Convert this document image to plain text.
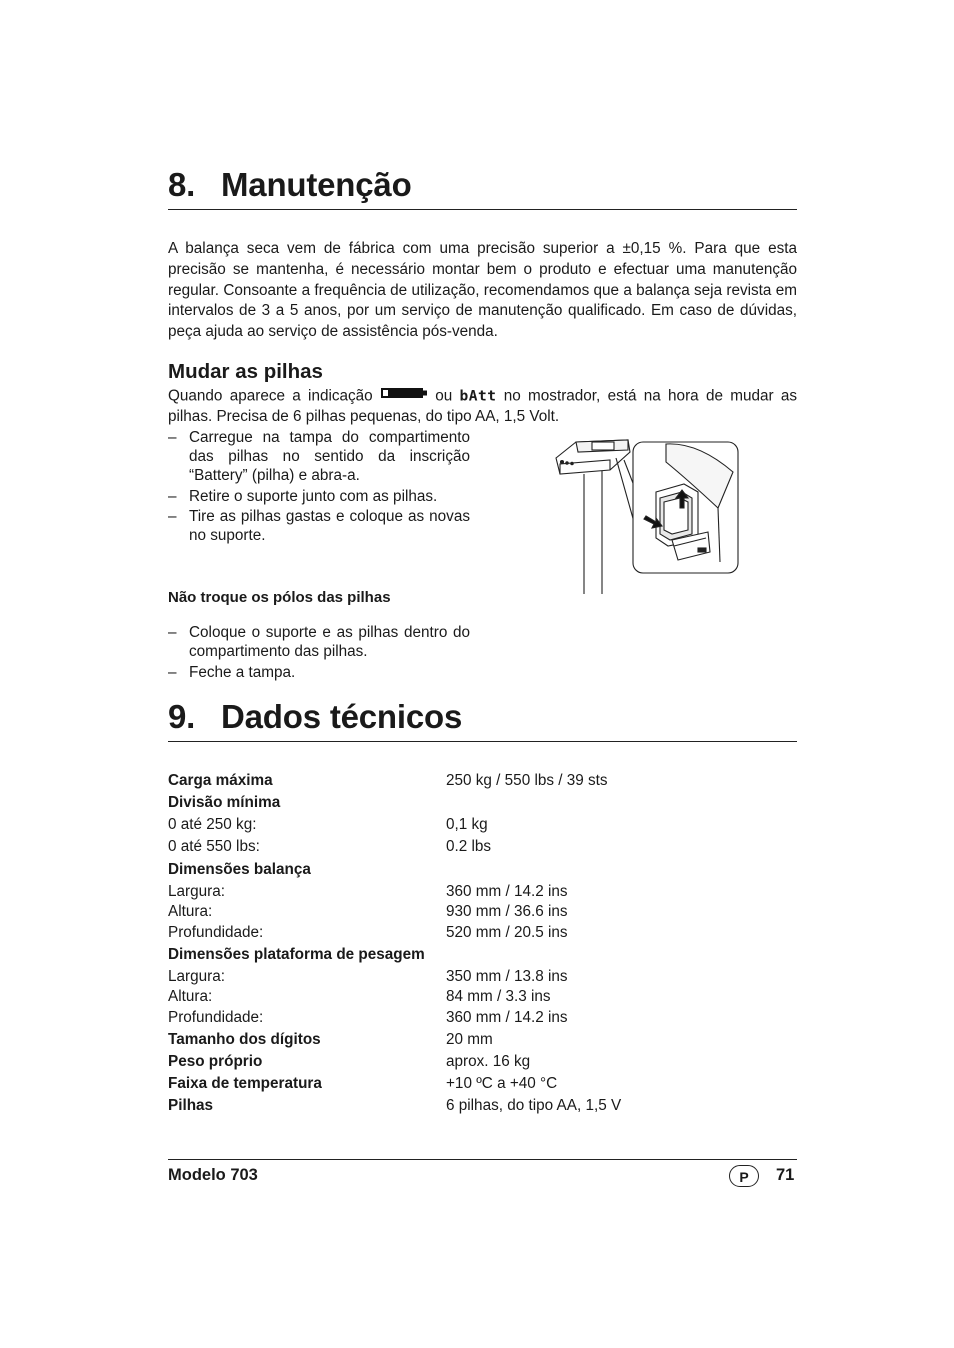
8. Manutenção
A balança seca vem de fábrica com uma precisão superior a ±0,15 %. Para que esta precisão se mantenha, é necessário montar bem o produto e efectuar uma manutenção regular. Consoante a frequência de utilização, recomendamos que a balança seja revista em intervalos de 3 a 5 anos, por um serviço de manutenção qualificado. Em caso de dúvidas, peça ajuda ao serviço de assistência pós-venda.
Mudar as pilhas
Quando aparece a indicação	ou bAtt no mostrador, está na hora de mudar as pilhas. Precisa de 6 pilhas pequenas, do tipo AA, 1,5 Volt.
– Carregue na tampa do compartimento das pilhas no sentido da inscrição “Battery” (pilha) e abra-a.
– Retire o suporte junto com as pilhas.
– Tire as pilhas gastas e coloque as novas no suporte.
Não troque os pólos das pilhas
– Coloque o suporte e as pilhas dentro do compartimento das pilhas.
– Feche a tampa.
9. Dados técnicos
Carga máxima	250 kg / 550 lbs / 39 sts
Divisão mínima
0 até 250 kg:	0,1 kg
0 até 550 lbs:	0.2 lbs
Dimensões balança
Largura:	360 mm / 14.2 ins
Altura:	930 mm / 36.6 ins
Profundidade:	520 mm / 20.5 ins
Dimensões plataforma de pesagem
Largura:	350 mm / 13.8 ins
Altura:	84 mm / 3.3 ins
Profundidade:	360 mm / 14.2 ins
Tamanho dos dígitos	20 mm
Peso próprio	aprox. 16 kg
Faixa de temperatura	+10 ºC a +40 °C
Pilhas	6 pilhas, do tipo AA, 1,5 V
Modelo 703	P	71
